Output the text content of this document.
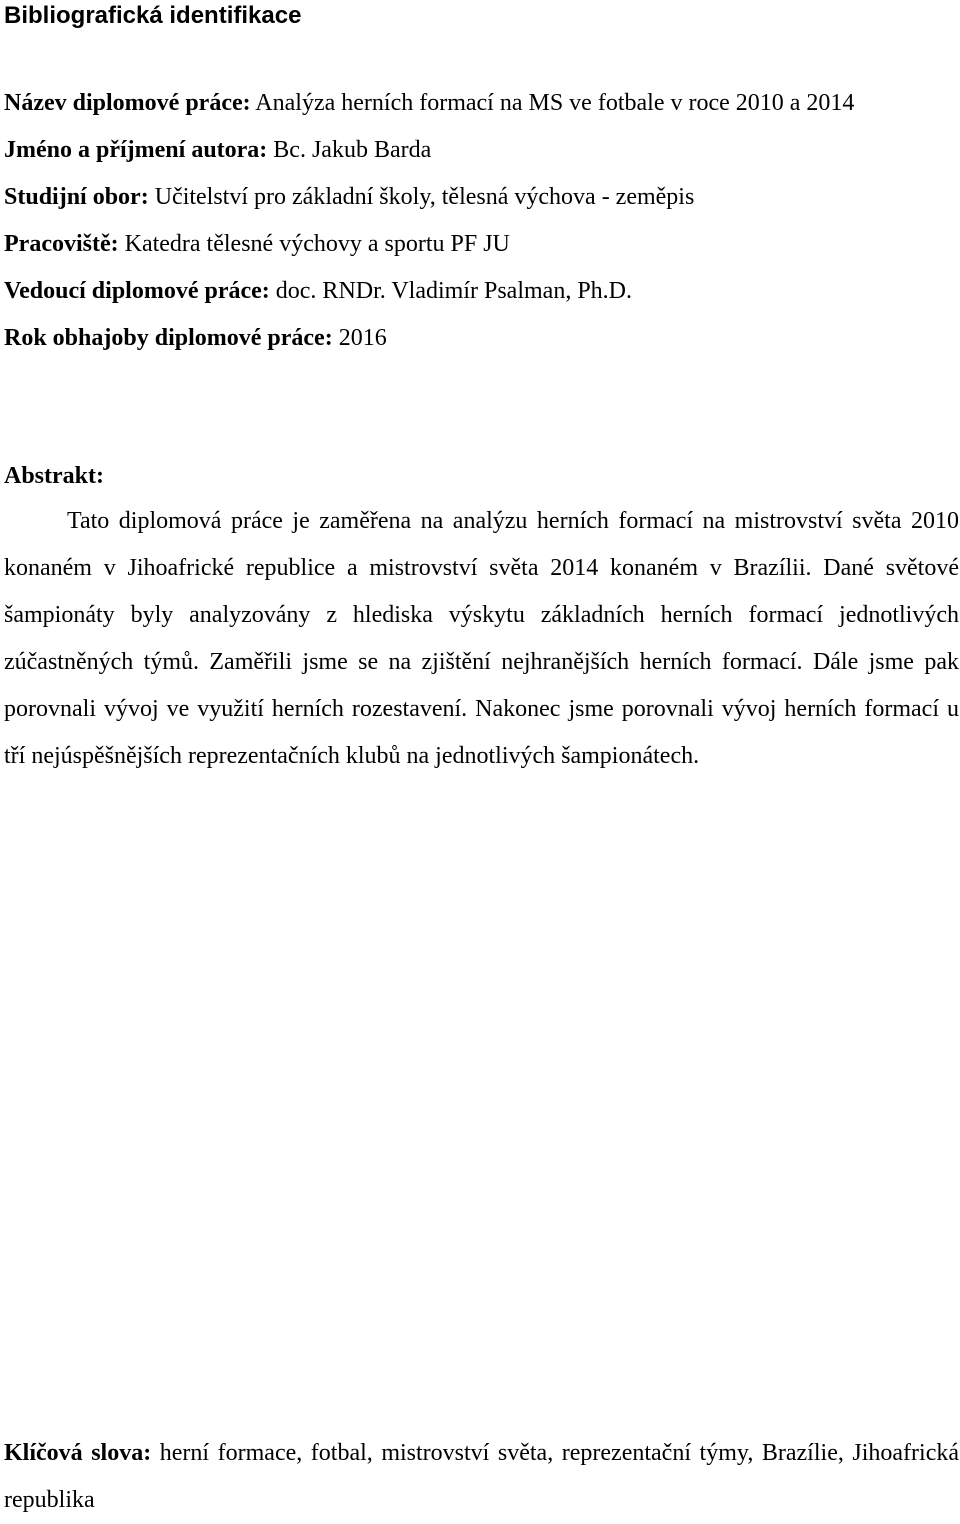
Bibliografická identifikace

Název diplomové práce: Analýza herních formací na MS ve fotbale v roce 2010 a 2014

Jméno a příjmení autora: Bc. Jakub Barda

Studijní obor: Učitelství pro základní školy, tělesná výchova - zeměpis

Pracoviště: Katedra tělesné výchovy a sportu PF JU

Vedoucí diplomové práce: doc. RNDr. Vladimír Psalman, Ph.D.

Rok obhajoby diplomové práce: 2016

Abstrakt:

Tato diplomová práce je zaměřena na analýzu herních formací na mistrovství světa 2010 konaném v Jihoafrické republice a mistrovství světa 2014 konaném v Brazílii. Dané světové šampionáty byly analyzovány z hlediska výskytu základních herních formací jednotlivých zúčastněných týmů. Zaměřili jsme se na zjištění nejhranějších herních formací. Dále jsme pak porovnali vývoj ve využití herních rozestavení. Nakonec jsme porovnali vývoj herních formací u tří nejúspěšnějších reprezentačních klubů na jednotlivých šampionátech.

Klíčová slova: herní formace, fotbal, mistrovství světa, reprezentační týmy, Brazílie, Jihoafrická republika
